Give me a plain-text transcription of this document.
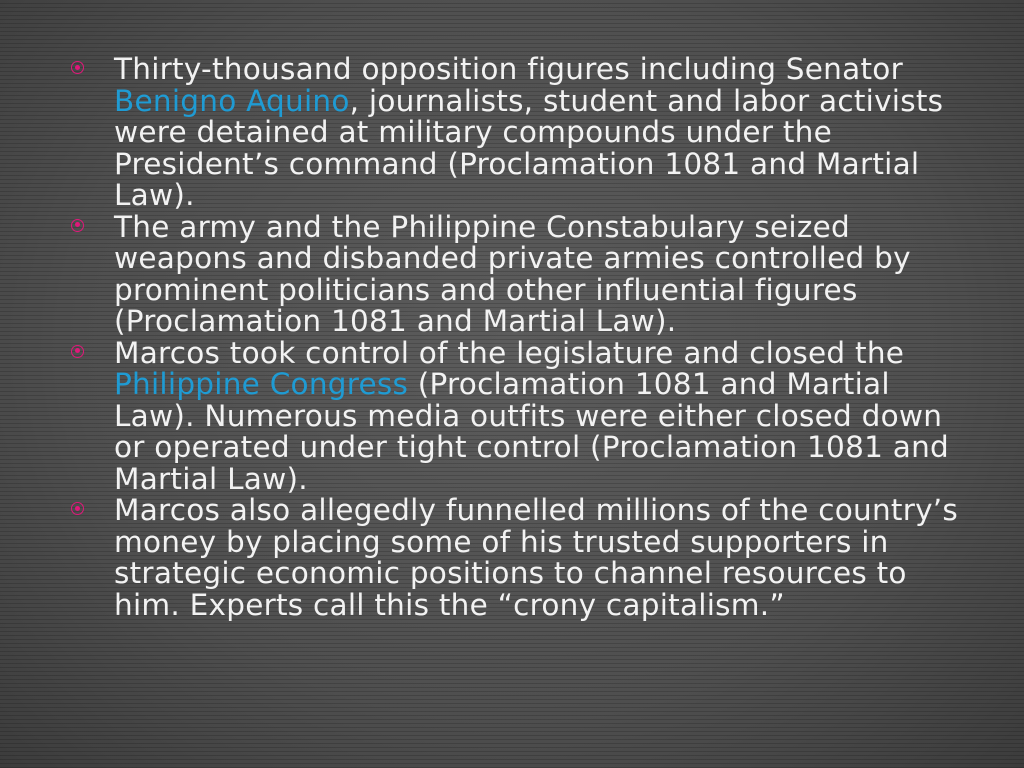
Thirty-thousand opposition figures including Senator Benigno Aquino, journalists, student and labor activists were detained at military compounds under the President’s command (Proclamation 1081 and Martial Law).
The army and the Philippine Constabulary seized weapons and disbanded private armies controlled by prominent politicians and other influential figures (Proclamation 1081 and Martial Law).
Marcos took control of the legislature and closed the Philippine Congress (Proclamation 1081 and Martial Law). Numerous media outfits were either closed down or operated under tight control (Proclamation 1081 and Martial Law).
Marcos also allegedly funnelled millions of the country’s money by placing some of his trusted supporters in strategic economic positions to channel resources to him. Experts call this the “crony capitalism.”
